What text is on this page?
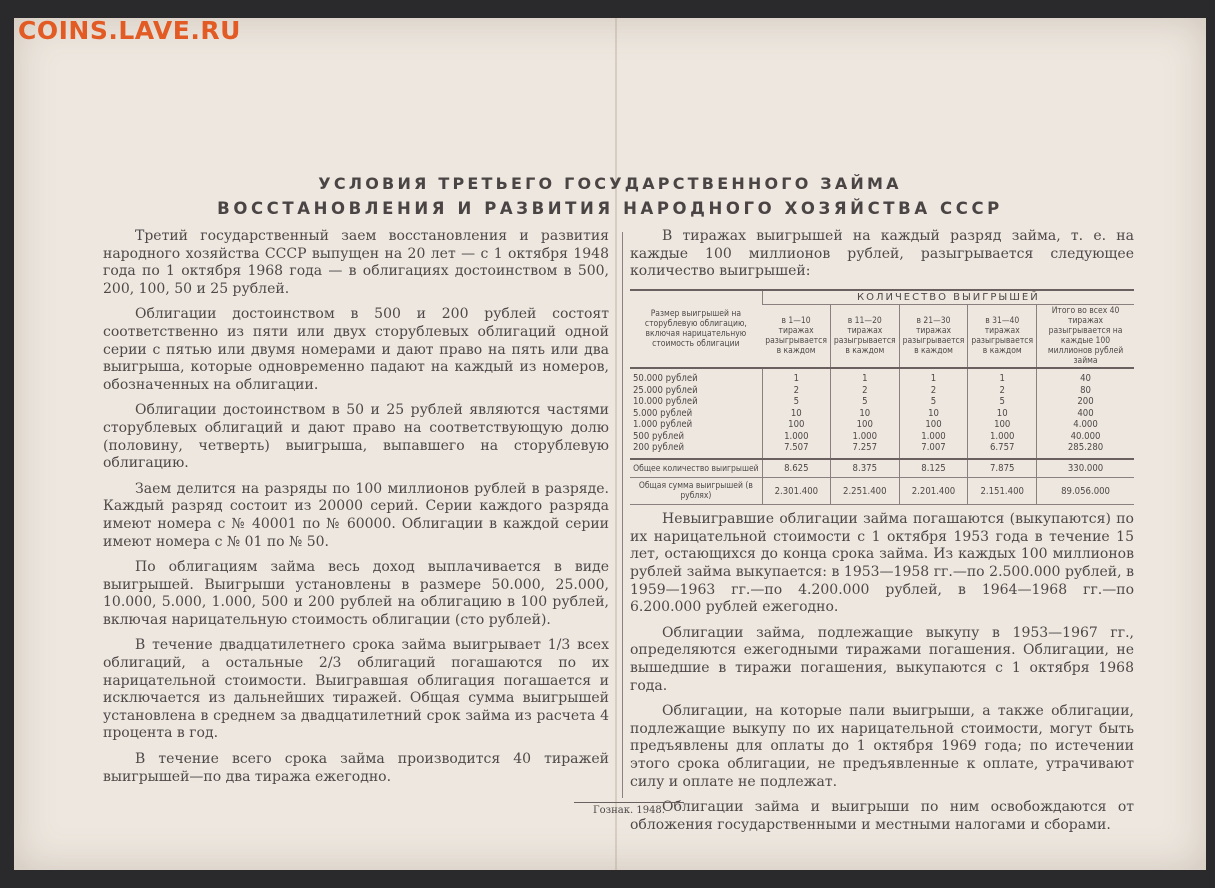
УСЛОВИЯ ТРЕТЬЕГО ГОСУДАРСТВЕННОГО ЗАЙМА
ВОССТАНОВЛЕНИЯ И РАЗВИТИЯ НАРОДНОГО ХОЗЯЙСТВА СССР

Третий государственный заем восстановления и развития народного хозяйства СССР выпущен на 20 лет — с 1 октября 1948 года по 1 октября 1968 года — в облигациях достоинством в 500, 200, 100, 50 и 25 рублей.

Облигации достоинством в 500 и 200 рублей состоят соответственно из пяти или двух сторублевых облигаций одной серии с пятью или двумя номерами и дают право на пять или два выигрыша, которые одновременно падают на каждый из номеров, обозначенных на облигации.

Облигации достоинством в 50 и 25 рублей являются частями сторублевых облигаций и дают право на соответствующую долю (половину, четверть) выигрыша, выпавшего на сторублевую облигацию.

Заем делится на разряды по 100 миллионов рублей в разряде. Каждый разряд состоит из 20000 серий. Серии каждого разряда имеют номера с № 40001 по № 60000. Облигации в каждой серии имеют номера с № 01 по № 50.

По облигациям займа весь доход выплачивается в виде выигрышей. Выигрыши установлены в размере 50.000, 25.000, 10.000, 5.000, 1.000, 500 и 200 рублей на облигацию в 100 рублей, включая нарицательную стоимость облигации (сто рублей).

В течение двадцатилетнего срока займа выигрывает 1/3 всех облигаций, а остальные 2/3 облигаций погашаются по их нарицательной стоимости. Выигравшая облигация погашается и исключается из дальнейших тиражей. Общая сумма выигрышей установлена в среднем за двадцатилетний срок займа из расчета 4 процента в год.

В течение всего срока займа производится 40 тиражей выигрышей—по два тиража ежегодно.

В тиражах выигрышей на каждый разряд займа, т. е. на каждые 100 миллионов рублей, разыгрывается следующее количество выигрышей:

Размер выигрышей на сторублевую облигацию, включая нарицательную стоимость облигации	КОЛИЧЕСТВО ВЫИГРЫШЕЙ				
	в 1—10 тиражах разыгрывается в каждом	в 11—20 тиражах разыгрывается в каждом	в 21—30 тиражах разыгрывается в каждом	в 31—40 тиражах разыгрывается в каждом	Итого во всех 40 тиражах разыгрывается на каждые 100 миллионов рублей займа
50.000 рублей	1	1	1	1	40
25.000 рублей	2	2	2	2	80
10.000 рублей	5	5	5	5	200
5.000 рублей	10	10	10	10	400
1.000 рублей	100	100	100	100	4.000
500 рублей	1.000	1.000	1.000	1.000	40.000
200 рублей	7.507	7.257	7.007	6.757	285.280
Общее количество выигрышей	8.625	8.375	8.125	7.875	330.000
Общая сумма выигрышей (в рублях)	2.301.400	2.251.400	2.201.400	2.151.400	89.056.000

Невыигравшие облигации займа погашаются (выкупаются) по их нарицательной стоимости с 1 октября 1953 года в течение 15 лет, остающихся до конца срока займа. Из каждых 100 миллионов рублей займа выкупается: в 1953—1958 гг.—по 2.500.000 рублей, в 1959—1963 гг.—по 4.200.000 рублей, в 1964—1968 гг.—по 6.200.000 рублей ежегодно.

Облигации займа, подлежащие выкупу в 1953—1967 гг., определяются ежегодными тиражами погашения. Облигации, не вышедшие в тиражи погашения, выкупаются с 1 октября 1968 года.

Облигации, на которые пали выигрыши, а также облигации, подлежащие выкупу по их нарицательной стоимости, могут быть предъявлены для оплаты до 1 октября 1969 года; по истечении этого срока облигации, не предъявленные к оплате, утрачивают силу и оплате не подлежат.

Облигации займа и выигрыши по ним освобождаются от обложения государственными и местными налогами и сборами.

Гознак. 1948.
COINS.LAVE.RU
